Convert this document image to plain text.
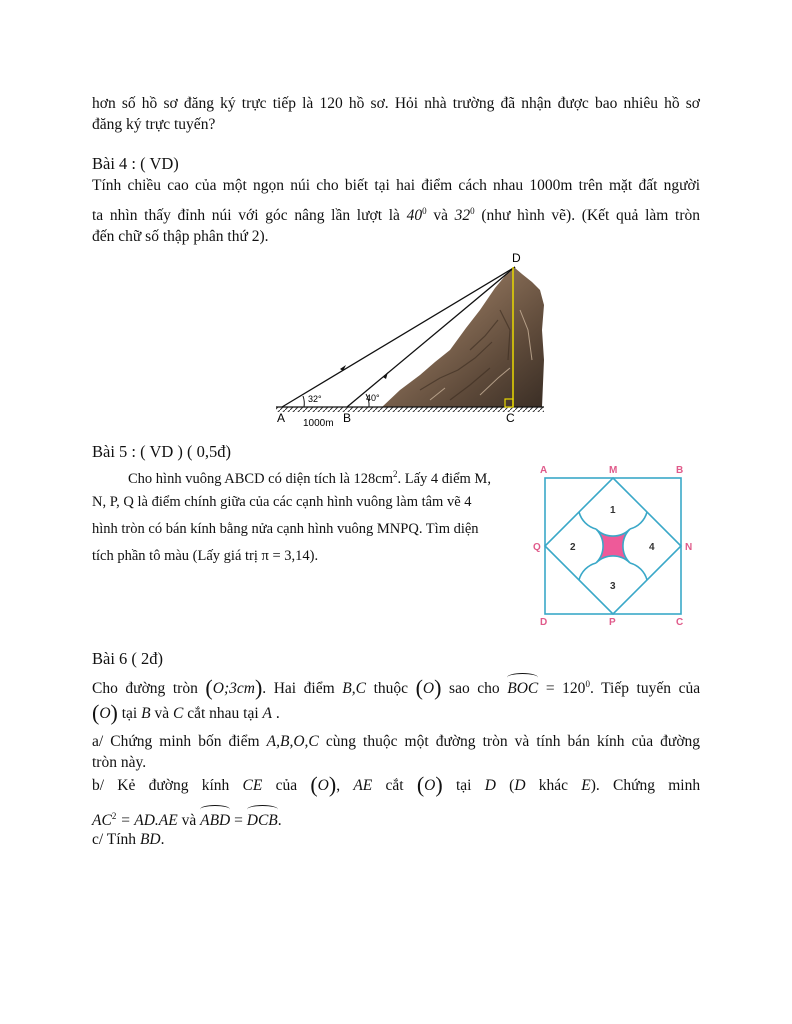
hơn số hồ sơ đăng ký trực tiếp là 120 hồ sơ. Hỏi nhà trường đã nhận được bao nhiêu hồ sơ

đăng ký trực tuyến?

Bài 4 : ( VD)

Tính chiều cao của một ngọn núi cho biết tại hai điểm cách nhau 1000m trên mặt đất người

ta nhìn thấy đỉnh núi với góc nâng lần lượt là $40^0$ và $32^0$ (như hình vẽ). (Kết quả làm tròn

đến chữ số thập phân thứ 2).

D
A	B	C
32°	40°
1000m

Bài 5 : ( VD ) ( 0,5đ)

Cho hình vuông ABCD có diện tích là $128cm^2$. Lấy 4 điểm M,

N, P, Q là điểm chính giữa của các cạnh hình vuông làm tâm vẽ 4

hình tròn có bán kính bằng nửa cạnh hình vuông MNPQ. Tìm diện

tích phần tô màu (Lấy giá trị π = 3,14).

A	M	B
Q	N
D	P	C
1
2
3
4

Bài 6 ( 2đ)

Cho đường tròn (O;3cm). Hai điểm B,C thuộc (O) sao cho BOC = $120^0$. Tiếp tuyến của

(O) tại B và C cắt nhau tại A .

a/ Chứng minh bốn điểm A,B,O,C cùng thuộc một đường tròn và tính bán kính của đường

tròn này.

b/ Kẻ đường kính CE của (O), AE cắt (O) tại D (D khác E). Chứng minh

$AC^2 = AD.AE$ và ABD = DCB.

c/ Tính BD.
